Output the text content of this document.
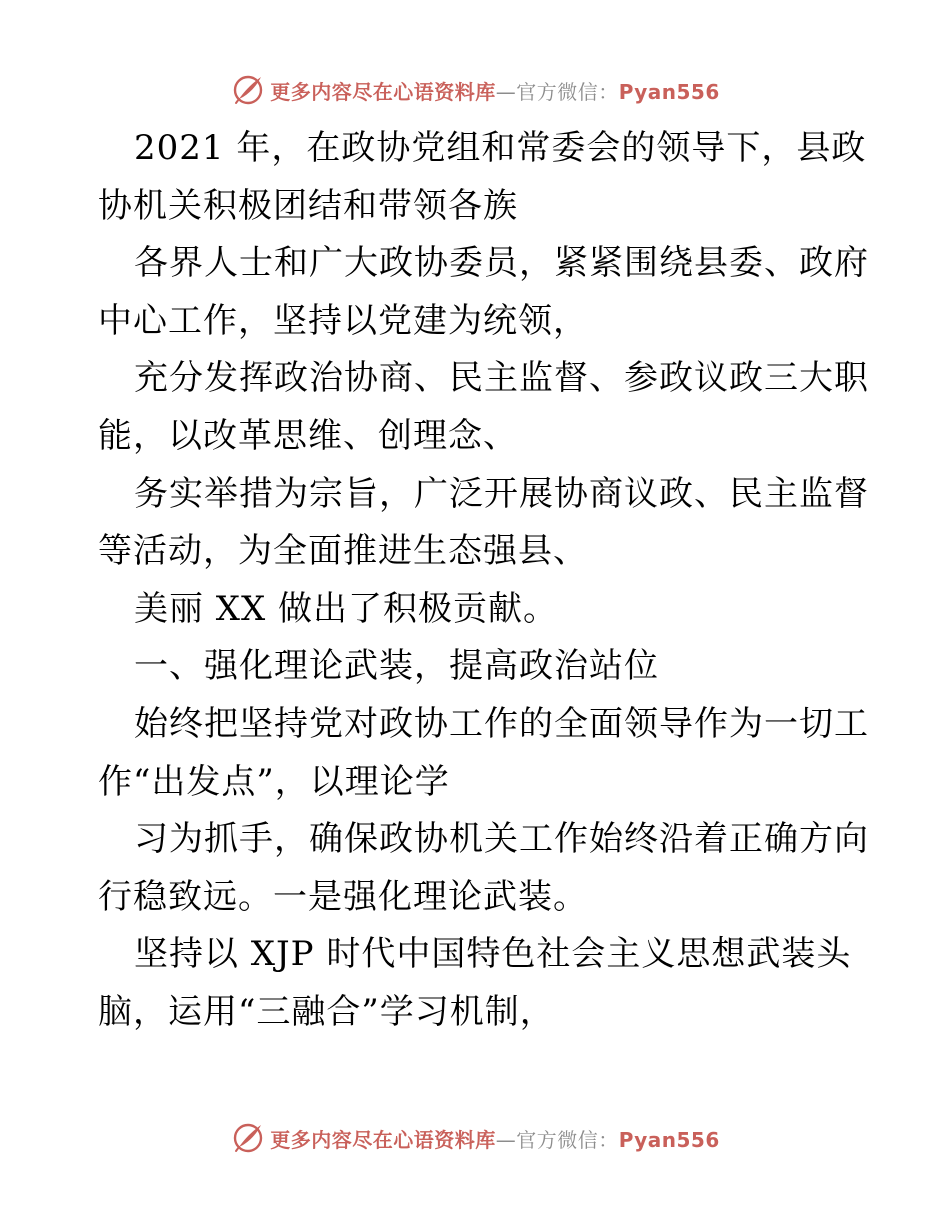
更多内容尽在心语资料库—官方微信：Pyan556
2021 年，在政协党组和常委会的领导下，县政
协机关积极团结和带领各族
各界人士和广大政协委员，紧紧围绕县委、政府
中心工作，坚持以党建为统领，
充分发挥政治协商、民主监督、参政议政三大职
能，以改革思维、创理念、
务实举措为宗旨，广泛开展协商议政、民主监督
等活动，为全面推进生态强县、
美丽 XX 做出了积极贡献。
一、强化理论武装，提高政治站位
始终把坚持党对政协工作的全面领导作为一切工
作“出发点”，以理论学
习为抓手，确保政协机关工作始终沿着正确方向
行稳致远。一是强化理论武装。
坚持以 XJP 时代中国特色社会主义思想武装头
脑，运用“三融合”学习机制，
更多内容尽在心语资料库—官方微信：Pyan556
